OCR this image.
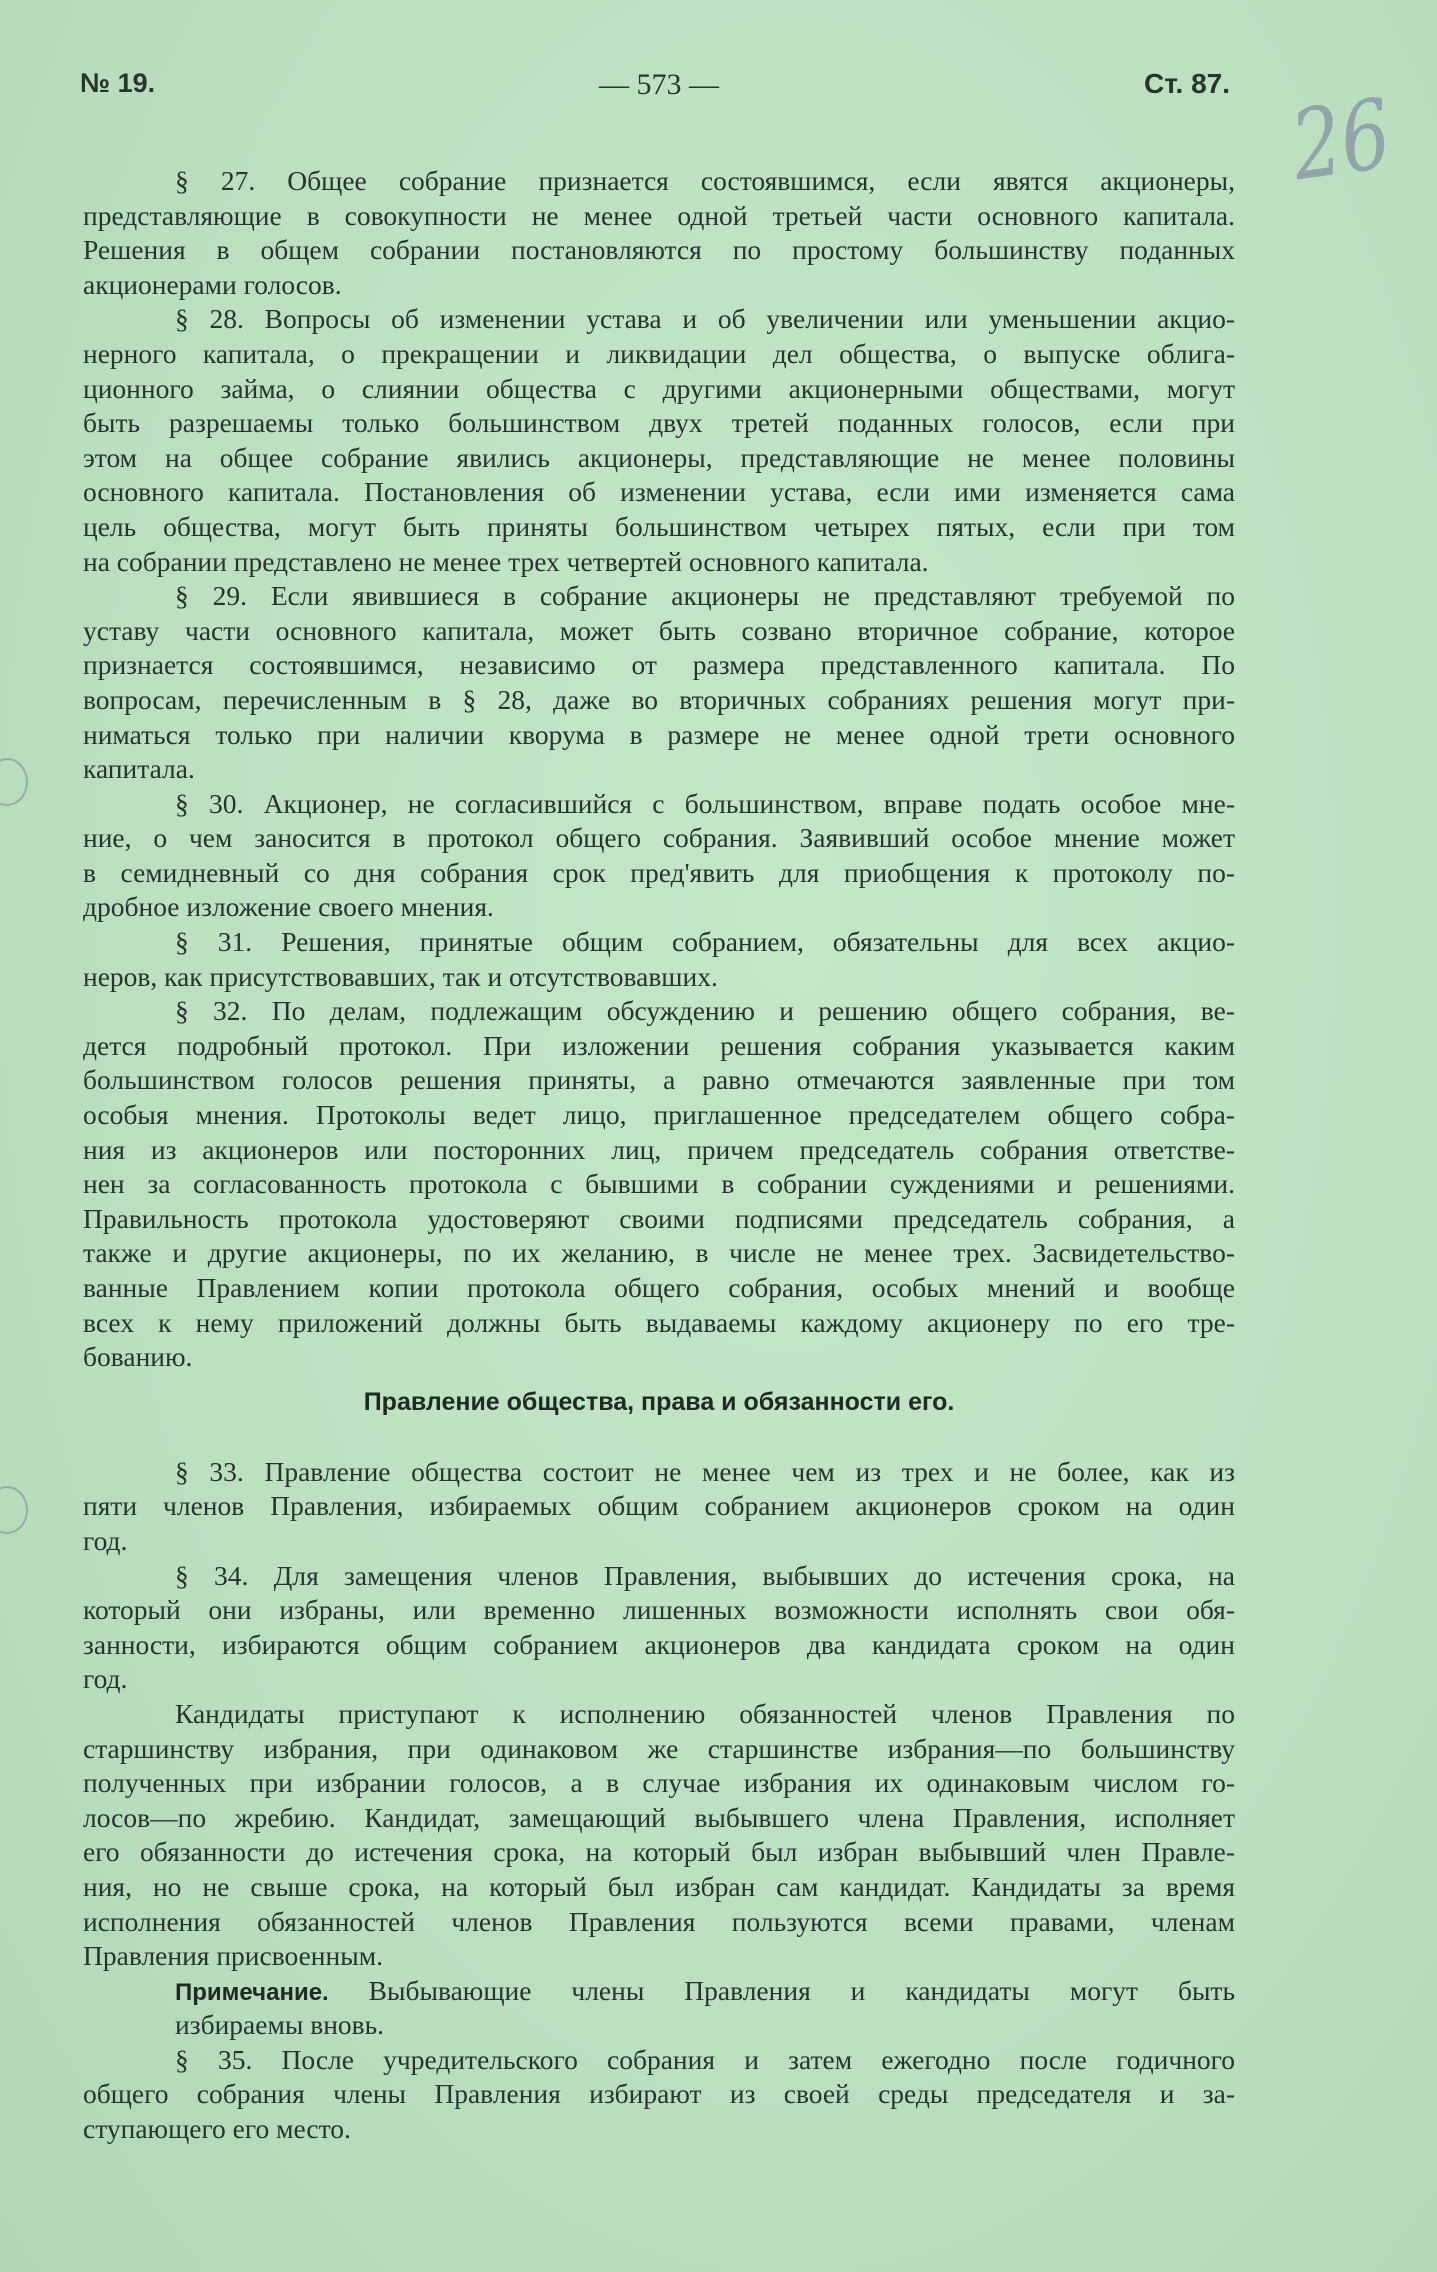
№ 19.	— 573 —	Ст. 87. 26
§ 27. Общее собрание признается состоявшимся, если явятся акционеры,
представляющие в совокупности не менее одной третьей части основного капитала.
Решения в общем собрании постановляются по простому большинству поданных
акционерами голосов.
§ 28. Вопросы об изменении устава и об увеличении или уменьшении акцио-
нерного капитала, о прекращении и ликвидации дел общества, о выпуске облига-
ционного займа, о слиянии общества с другими акционерными обществами, могут
быть разрешаемы только большинством двух третей поданных голосов, если при
этом на общее собрание явились акционеры, представляющие не менее половины
основного капитала. Постановления об изменении устава, если ими изменяется сама
цель общества, могут быть приняты большинством четырех пятых, если при том
на собрании представлено не менее трех четвертей основного капитала.
§ 29. Если явившиеся в собрание акционеры не представляют требуемой по
уставу части основного капитала, может быть созвано вторичное собрание, которое
признается состоявшимся, независимо от размера представленного капитала. По
вопросам, перечисленным в § 28, даже во вторичных собраниях решения могут при-
ниматься только при наличии кворума в размере не менее одной трети основного
капитала.
§ 30. Акционер, не согласившийся с большинством, вправе подать особое мне-
ние, о чем заносится в протокол общего собрания. Заявивший особое мнение может
в семидневный со дня собрания срок пред'явить для приобщения к протоколу по-
дробное изложение своего мнения.
§ 31. Решения, принятые общим собранием, обязательны для всех акцио-
неров, как присутствовавших, так и отсутствовавших.
§ 32. По делам, подлежащим обсуждению и решению общего собрания, ве-
дется подробный протокол. При изложении решения собрания указывается каким
большинством голосов решения приняты, а равно отмечаются заявленные при том
особыя мнения. Протоколы ведет лицо, приглашенное председателем общего собра-
ния из акционеров или посторонних лиц, причем председатель собрания ответстве-
нен за согласованность протокола с бывшими в собрании суждениями и решениями.
Правильность протокола удостоверяют своими подписями председатель собрания, а
также и другие акционеры, по их желанию, в числе не менее трех. Засвидетельство-
ванные Правлением копии протокола общего собрания, особых мнений и вообще
всех к нему приложений должны быть выдаваемы каждому акционеру по его тре-
бованию.
Правление общества, права и обязанности его.
§ 33. Правление общества состоит не менее чем из трех и не более, как из
пяти членов Правления, избираемых общим собранием акционеров сроком на один
год.
§ 34. Для замещения членов Правления, выбывших до истечения срока, на
который они избраны, или временно лишенных возможности исполнять свои обя-
занности, избираются общим собранием акционеров два кандидата сроком на один
год.
Кандидаты приступают к исполнению обязанностей членов Правления по
старшинству избрания, при одинаковом же старшинстве избрания—по большинству
полученных при избрании голосов, а в случае избрания их одинаковым числом го-
лосов—по жребию. Кандидат, замещающий выбывшего члена Правления, исполняет
его обязанности до истечения срока, на который был избран выбывший член Правле-
ния, но не свыше срока, на который был избран сам кандидат. Кандидаты за время
исполнения обязанностей членов Правления пользуются всеми правами, членам
Правления присвоенным.
Примечание. Выбывающие члены Правления и кандидаты могут быть
избираемы вновь.
§ 35. После учредительского собрания и затем ежегодно после годичного
общего собрания члены Правления избирают из своей среды председателя и за-
ступающего его место.
